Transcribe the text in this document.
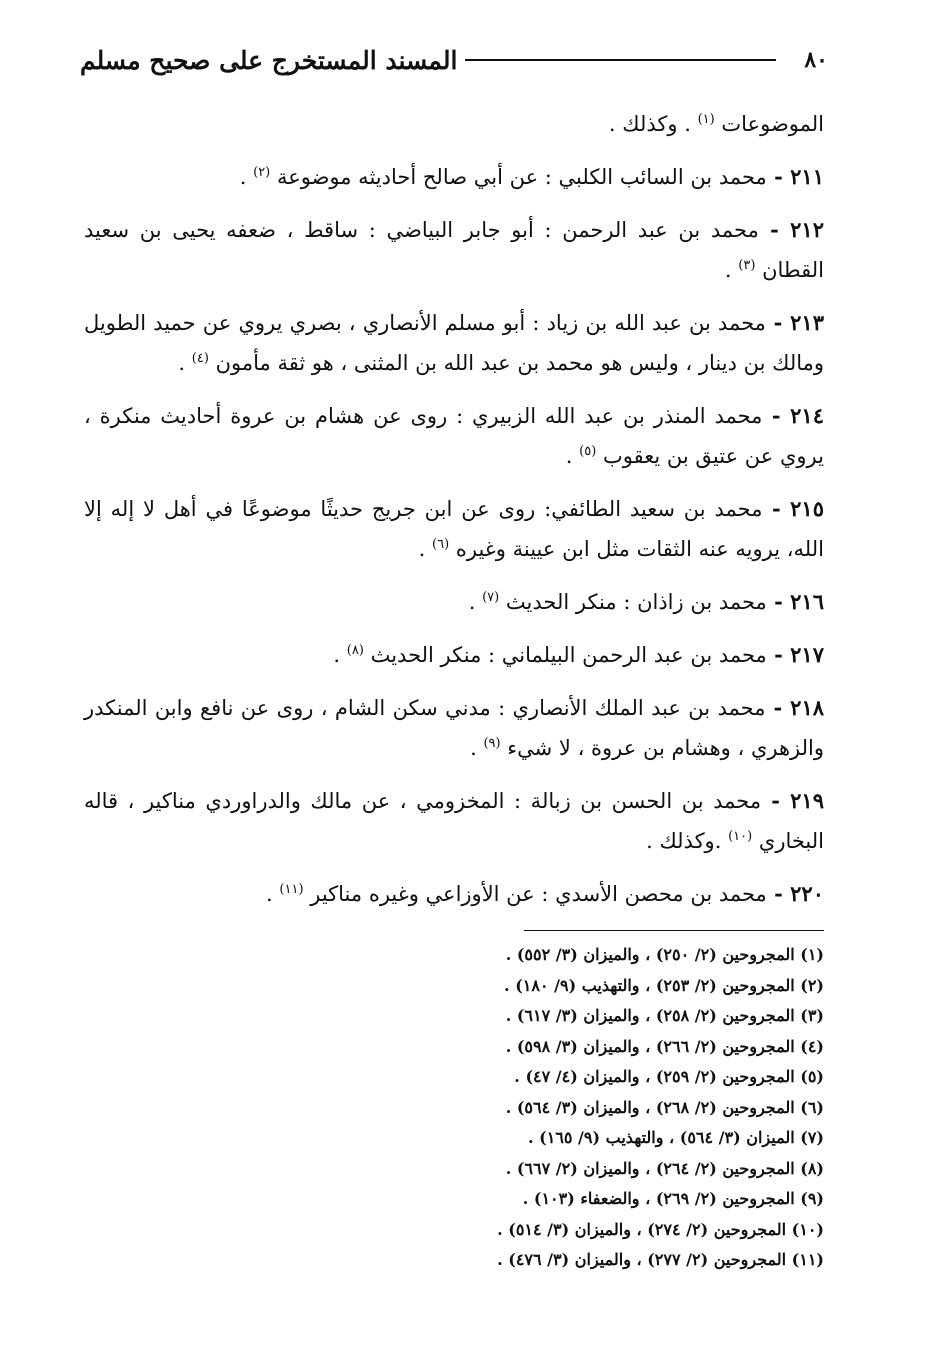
٨٠
المسند المستخرج على صحيح مسلم

الموضوعات $^{(١)}$ . وكذلك .

٢١١ - محمد بن السائب الكلبي : عن أبي صالح أحاديثه موضوعة $^{(٢)}$ .

٢١٢ - محمد بن عبد الرحمن : أبو جابر البياضي : ساقط ، ضعفه يحيى بن سعيد القطان $^{(٣)}$ .

٢١٣ - محمد بن عبد الله بن زياد : أبو مسلم الأنصاري ، بصري يروي عن حميد الطويل ومالك بن دينار ، وليس هو محمد بن عبد الله بن المثنى ، هو ثقة مأمون $^{(٤)}$ .

٢١٤ - محمد المنذر بن عبد الله الزبيري : روى عن هشام بن عروة أحاديث منكرة ، يروي عن عتيق بن يعقوب $^{(٥)}$ .

٢١٥ - محمد بن سعيد الطائفي: روى عن ابن جريج حديثًا موضوعًا في أهل لا إله إلا الله، يرويه عنه الثقات مثل ابن عيينة وغيره $^{(٦)}$ .

٢١٦ - محمد بن زاذان : منكر الحديث $^{(٧)}$ .

٢١٧ - محمد بن عبد الرحمن البيلماني : منكر الحديث $^{(٨)}$ .

٢١٨ - محمد بن عبد الملك الأنصاري : مدني سكن الشام ، روى عن نافع وابن المنكدر والزهري ، وهشام بن عروة ، لا شيء $^{(٩)}$ .

٢١٩ - محمد بن الحسن بن زبالة : المخزومي ، عن مالك والدراوردي مناكير ، قاله البخاري $^{(١٠)}$ .وكذلك .

٢٢٠ - محمد بن محصن الأسدي : عن الأوزاعي وغيره مناكير $^{(١١)}$ .

(١) المجروحين (٢/ ٢٥٠) ، والميزان (٣/ ٥٥٢) .
(٢) المجروحين (٢/ ٢٥٣) ، والتهذيب (٩/ ١٨٠) .
(٣) المجروحين (٢/ ٢٥٨) ، والميزان (٣/ ٦١٧) .
(٤) المجروحين (٢/ ٢٦٦) ، والميزان (٣/ ٥٩٨) .
(٥) المجروحين (٢/ ٢٥٩) ، والميزان (٤/ ٤٧) .
(٦) المجروحين (٢/ ٢٦٨) ، والميزان (٣/ ٥٦٤) .
(٧) الميزان (٣/ ٥٦٤) ، والتهذيب (٩/ ١٦٥) .
(٨) المجروحين (٢/ ٢٦٤) ، والميزان (٢/ ٦٦٧) .
(٩) المجروحين (٢/ ٢٦٩) ، والضعفاء (١٠٣) .
(١٠) المجروحين (٢/ ٢٧٤) ، والميزان (٣/ ٥١٤) .
(١١) المجروحين (٢/ ٢٧٧) ، والميزان (٣/ ٤٧٦) .
